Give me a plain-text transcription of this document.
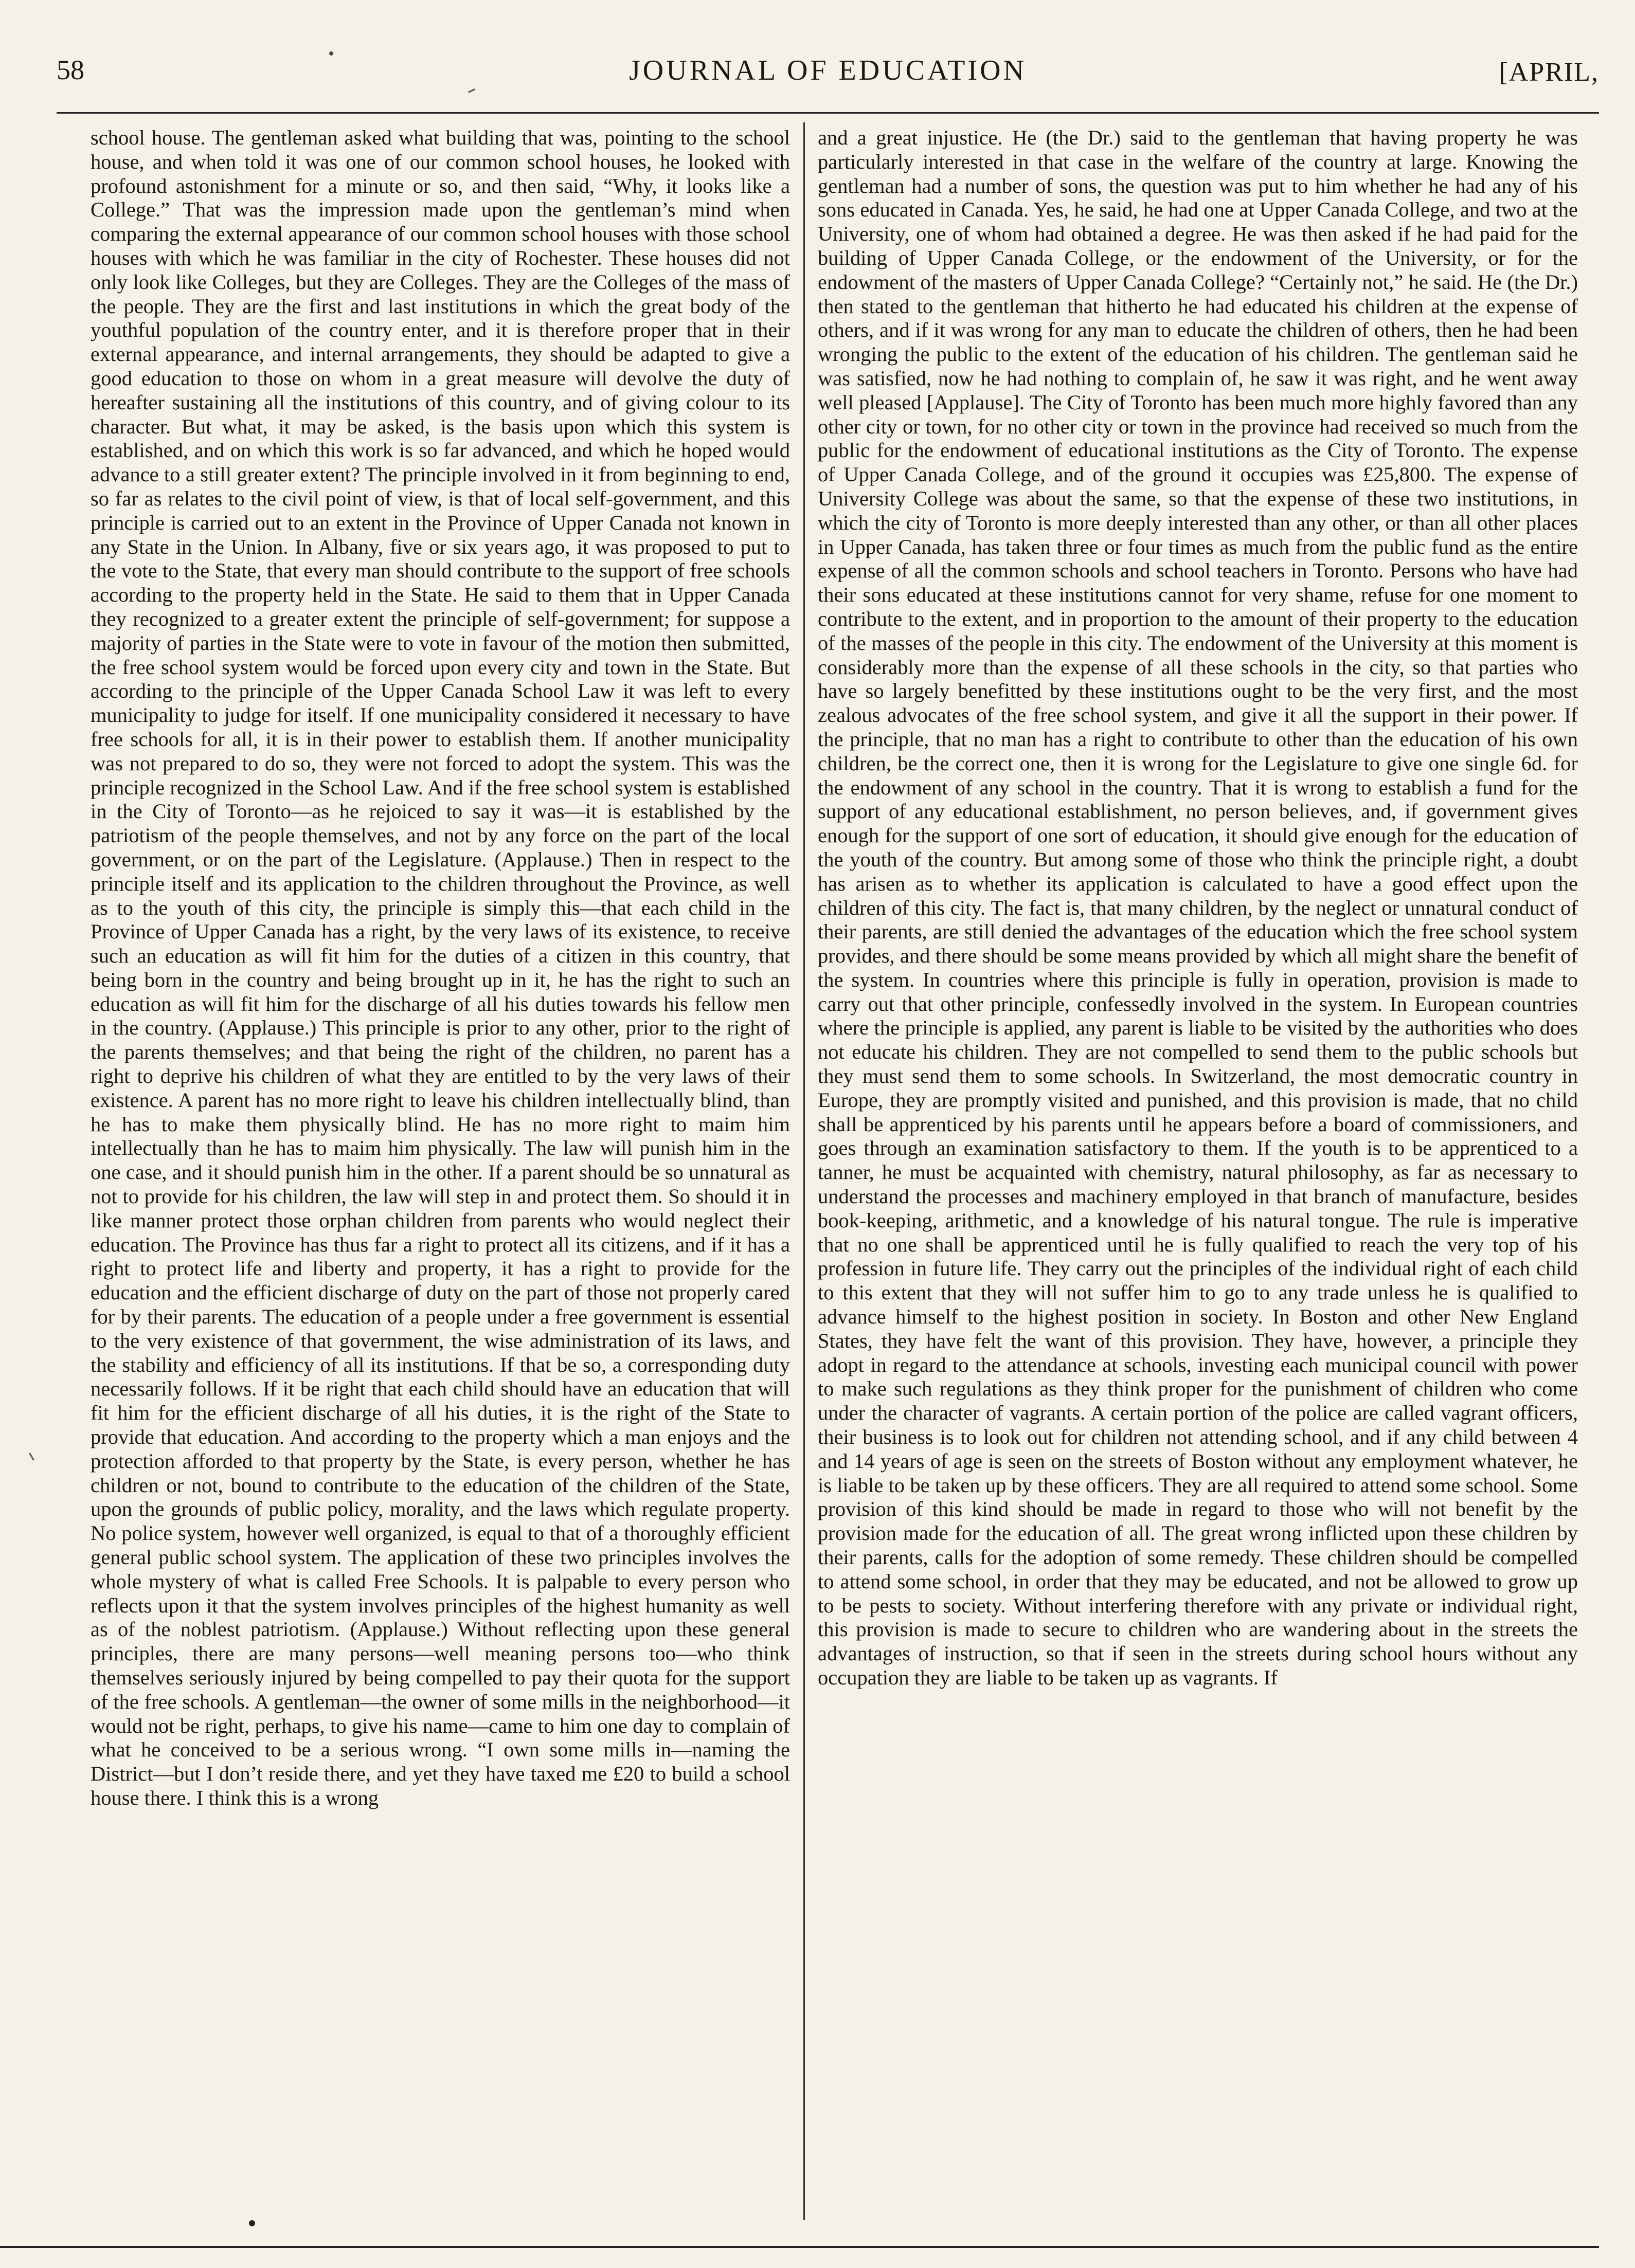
58	JOURNAL OF EDUCATION	[APRIL,

school house. The gentleman asked what building that was, pointing to the school house, and when told it was one of our common school houses, he looked with profound astonishment for a minute or so, and then said, “Why, it looks like a College.” That was the impression made upon the gentleman’s mind when comparing the external appearance of our common school houses with those school houses with which he was familiar in the city of Rochester. These houses did not only look like Colleges, but they are Colleges. They are the Colleges of the mass of the people. They are the first and last institutions in which the great body of the youthful population of the country enter, and it is therefore proper that in their external appearance, and internal arrangements, they should be adapted to give a good education to those on whom in a great measure will devolve the duty of hereafter sustaining all the institutions of this country, and of giving colour to its character. But what, it may be asked, is the basis upon which this system is established, and on which this work is so far advanced, and which he hoped would advance to a still greater extent? The principle involved in it from beginning to end, so far as relates to the civil point of view, is that of local self-government, and this principle is carried out to an extent in the Province of Upper Canada not known in any State in the Union. In Albany, five or six years ago, it was proposed to put to the vote to the State, that every man should contribute to the support of free schools according to the property held in the State. He said to them that in Upper Canada they recognized to a greater extent the principle of self-government; for suppose a majority of parties in the State were to vote in favour of the motion then submitted, the free school system would be forced upon every city and town in the State. But according to the principle of the Upper Canada School Law it was left to every municipality to judge for itself. If one municipality considered it necessary to have free schools for all, it is in their power to establish them. If another municipality was not prepared to do so, they were not forced to adopt the system. This was the principle recognized in the School Law. And if the free school system is established in the City of Toronto—as he rejoiced to say it was—it is established by the patriotism of the people themselves, and not by any force on the part of the local government, or on the part of the Legislature. (Applause.) Then in respect to the principle itself and its application to the children throughout the Province, as well as to the youth of this city, the principle is simply this—that each child in the Province of Upper Canada has a right, by the very laws of its existence, to receive such an education as will fit him for the duties of a citizen in this country, that being born in the country and being brought up in it, he has the right to such an education as will fit him for the discharge of all his duties towards his fellow men in the country. (Applause.) This principle is prior to any other, prior to the right of the parents themselves; and that being the right of the children, no parent has a right to deprive his children of what they are entitled to by the very laws of their existence. A parent has no more right to leave his children intellectually blind, than he has to make them physically blind. He has no more right to maim him intellectually than he has to maim him physically. The law will punish him in the one case, and it should punish him in the other. If a parent should be so unnatural as not to provide for his children, the law will step in and protect them. So should it in like manner protect those orphan children from parents who would neglect their education. The Province has thus far a right to protect all its citizens, and if it has a right to protect life and liberty and property, it has a right to provide for the education and the efficient discharge of duty on the part of those not properly cared for by their parents. The education of a people under a free government is essential to the very existence of that government, the wise administration of its laws, and the stability and efficiency of all its institutions. If that be so, a corresponding duty necessarily follows. If it be right that each child should have an education that will fit him for the efficient discharge of all his duties, it is the right of the State to provide that education. And according to the property which a man enjoys and the protection afforded to that property by the State, is every person, whether he has children or not, bound to contribute to the education of the children of the State, upon the grounds of public policy, morality, and the laws which regulate property. No police system, however well organized, is equal to that of a thoroughly efficient general public school system. The application of these two principles involves the whole mystery of what is called Free Schools. It is palpable to every person who reflects upon it that the system involves principles of the highest humanity as well as of the noblest patriotism. (Applause.) Without reflecting upon these general principles, there are many persons—well meaning persons too—who think themselves seriously injured by being compelled to pay their quota for the support of the free schools. A gentleman—the owner of some mills in the neighborhood—it would not be right, perhaps, to give his name—came to him one day to complain of what he conceived to be a serious wrong. “I own some mills in—naming the District—but I don’t reside there, and yet they have taxed me £20 to build a school house there. I think this is a wrong

and a great injustice. He (the Dr.) said to the gentleman that having property he was particularly interested in that case in the welfare of the country at large. Knowing the gentleman had a number of sons, the question was put to him whether he had any of his sons educated in Canada. Yes, he said, he had one at Upper Canada College, and two at the University, one of whom had obtained a degree. He was then asked if he had paid for the building of Upper Canada College, or the endowment of the University, or for the endowment of the masters of Upper Canada College? “Certainly not,” he said. He (the Dr.) then stated to the gentleman that hitherto he had educated his children at the expense of others, and if it was wrong for any man to educate the children of others, then he had been wronging the public to the extent of the education of his children. The gentleman said he was satisfied, now he had nothing to complain of, he saw it was right, and he went away well pleased [Applause]. The City of Toronto has been much more highly favored than any other city or town, for no other city or town in the province had received so much from the public for the endowment of educational institutions as the City of Toronto. The expense of Upper Canada College, and of the ground it occupies was £25,800. The expense of University College was about the same, so that the expense of these two institutions, in which the city of Toronto is more deeply interested than any other, or than all other places in Upper Canada, has taken three or four times as much from the public fund as the entire expense of all the common schools and school teachers in Toronto. Persons who have had their sons educated at these institutions cannot for very shame, refuse for one moment to contribute to the extent, and in proportion to the amount of their property to the education of the masses of the people in this city. The endowment of the University at this moment is considerably more than the expense of all these schools in the city, so that parties who have so largely benefitted by these institutions ought to be the very first, and the most zealous advocates of the free school system, and give it all the support in their power. If the principle, that no man has a right to contribute to other than the education of his own children, be the correct one, then it is wrong for the Legislature to give one single 6d. for the endowment of any school in the country. That it is wrong to establish a fund for the support of any educational establishment, no person believes, and, if government gives enough for the support of one sort of education, it should give enough for the education of the youth of the country. But among some of those who think the principle right, a doubt has arisen as to whether its application is calculated to have a good effect upon the children of this city. The fact is, that many children, by the neglect or unnatural conduct of their parents, are still denied the advantages of the education which the free school system provides, and there should be some means provided by which all might share the benefit of the system. In countries where this principle is fully in operation, provision is made to carry out that other principle, confessedly involved in the system. In European countries where the principle is applied, any parent is liable to be visited by the authorities who does not educate his children. They are not compelled to send them to the public schools but they must send them to some schools. In Switzerland, the most democratic country in Europe, they are promptly visited and punished, and this provision is made, that no child shall be apprenticed by his parents until he appears before a board of commissioners, and goes through an examination satisfactory to them. If the youth is to be apprenticed to a tanner, he must be acquainted with chemistry, natural philosophy, as far as necessary to understand the processes and machinery employed in that branch of manufacture, besides book-keeping, arithmetic, and a knowledge of his natural tongue. The rule is imperative that no one shall be apprenticed until he is fully qualified to reach the very top of his profession in future life. They carry out the principles of the individual right of each child to this extent that they will not suffer him to go to any trade unless he is qualified to advance himself to the highest position in society. In Boston and other New England States, they have felt the want of this provision. They have, however, a principle they adopt in regard to the attendance at schools, investing each municipal council with power to make such regulations as they think proper for the punishment of children who come under the character of vagrants. A certain portion of the police are called vagrant officers, their business is to look out for children not attending school, and if any child between 4 and 14 years of age is seen on the streets of Boston without any employment whatever, he is liable to be taken up by these officers. They are all required to attend some school. Some provision of this kind should be made in regard to those who will not benefit by the provision made for the education of all. The great wrong inflicted upon these children by their parents, calls for the adoption of some remedy. These children should be compelled to attend some school, in order that they may be educated, and not be allowed to grow up to be pests to society. Without interfering therefore with any private or individual right, this provision is made to secure to children who are wandering about in the streets the advantages of instruction, so that if seen in the streets during school hours without any occupation they are liable to be taken up as vagrants. If
